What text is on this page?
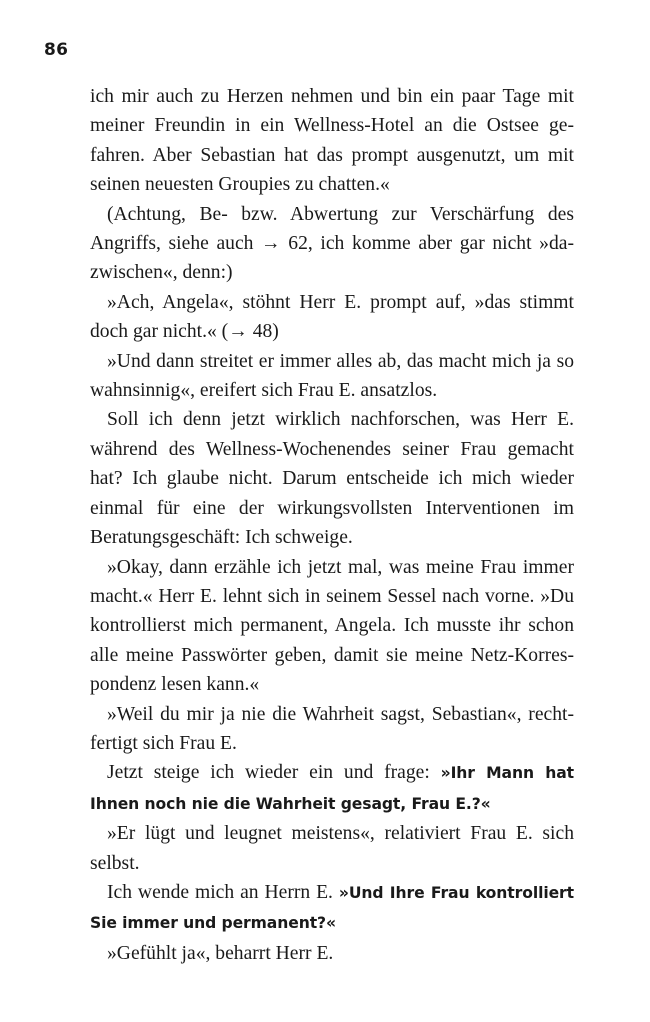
86

ich mir auch zu Herzen nehmen und bin ein paar Tage mit meiner Freundin in ein Wellness-Hotel an die Ostsee gefahren. Aber Sebastian hat das prompt ausgenutzt, um mit seinen neuesten Groupies zu chatten.«

(Achtung, Be- bzw. Abwertung zur Verschärfung des Angriffs, siehe auch → 62, ich komme aber gar nicht »dazwischen«, denn:)

»Ach, Angela«, stöhnt Herr E. prompt auf, »das stimmt doch gar nicht.« (→ 48)

»Und dann streitet er immer alles ab, das macht mich ja so wahnsinnig«, ereifert sich Frau E. ansatzlos.

Soll ich denn jetzt wirklich nachforschen, was Herr E. während des Wellness-Wochenendes seiner Frau gemacht hat? Ich glaube nicht. Darum entscheide ich mich wieder einmal für eine der wirkungsvollsten Interventionen im Beratungsgeschäft: Ich schweige.

»Okay, dann erzähle ich jetzt mal, was meine Frau immer macht.« Herr E. lehnt sich in seinem Sessel nach vorne. »Du kontrollierst mich permanent, Angela. Ich musste ihr schon alle meine Passwörter geben, damit sie meine Netz-Korrespondenz lesen kann.«

»Weil du mir ja nie die Wahrheit sagst, Sebastian«, rechtfertigt sich Frau E.

Jetzt steige ich wieder ein und frage: »Ihr Mann hat Ihnen noch nie die Wahrheit gesagt, Frau E.?«

»Er lügt und leugnet meistens«, relativiert Frau E. sich selbst.

Ich wende mich an Herrn E. »Und Ihre Frau kontrolliert Sie immer und permanent?«

»Gefühlt ja«, beharrt Herr E.
